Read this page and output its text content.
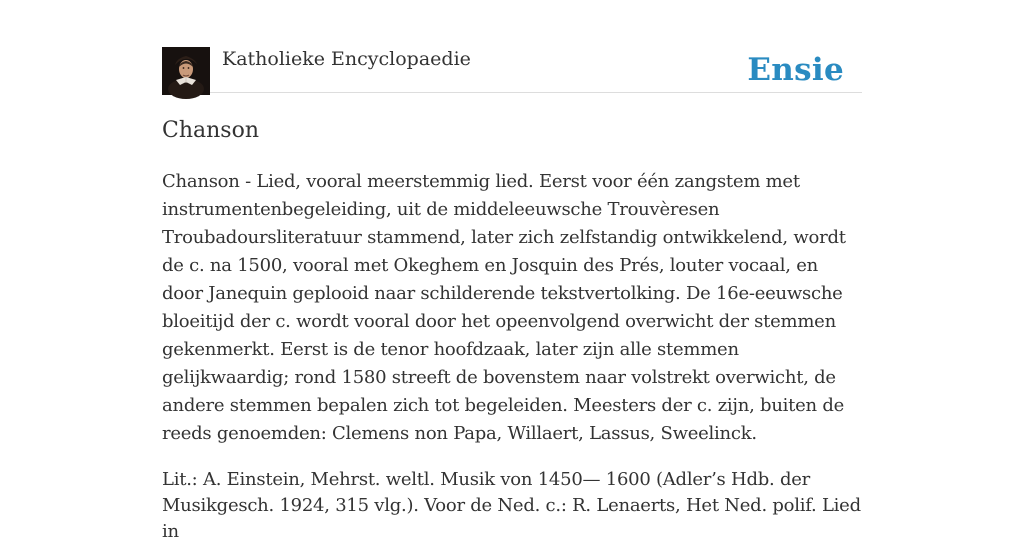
Katholieke Encyclopaedie	Ensie
Chanson

Chanson - Lied, vooral meerstemmig lied. Eerst voor één zangstem met instrumentenbegeleiding, uit de middeleeuwsche Trouvèresen Troubadoursliteratuur stammend, later zich zelfstandig ontwikkelend, wordt de c. na 1500, vooral met Okeghem en Josquin des Prés, louter vocaal, en door Janequin geplooid naar schilderende tekstvertolking. De 16e-eeuwsche bloeitijd der c. wordt vooral door het opeenvolgend overwicht der stemmen gekenmerkt. Eerst is de tenor hoofdzaak, later zijn alle stemmen gelijkwaardig; rond 1580 streeft de bovenstem naar volstrekt overwicht, de andere stemmen bepalen zich tot begeleiden. Meesters der c. zijn, buiten de reeds genoemden: Clemens non Papa, Willaert, Lassus, Sweelinck.

Lit.: A. Einstein, Mehrst. weltl. Musik von 1450— 1600 (Adler’s Hdb. der Musikgesch. 1924, 315 vlg.). Voor de Ned. c.: R. Lenaerts, Het Ned. polif. Lied in
